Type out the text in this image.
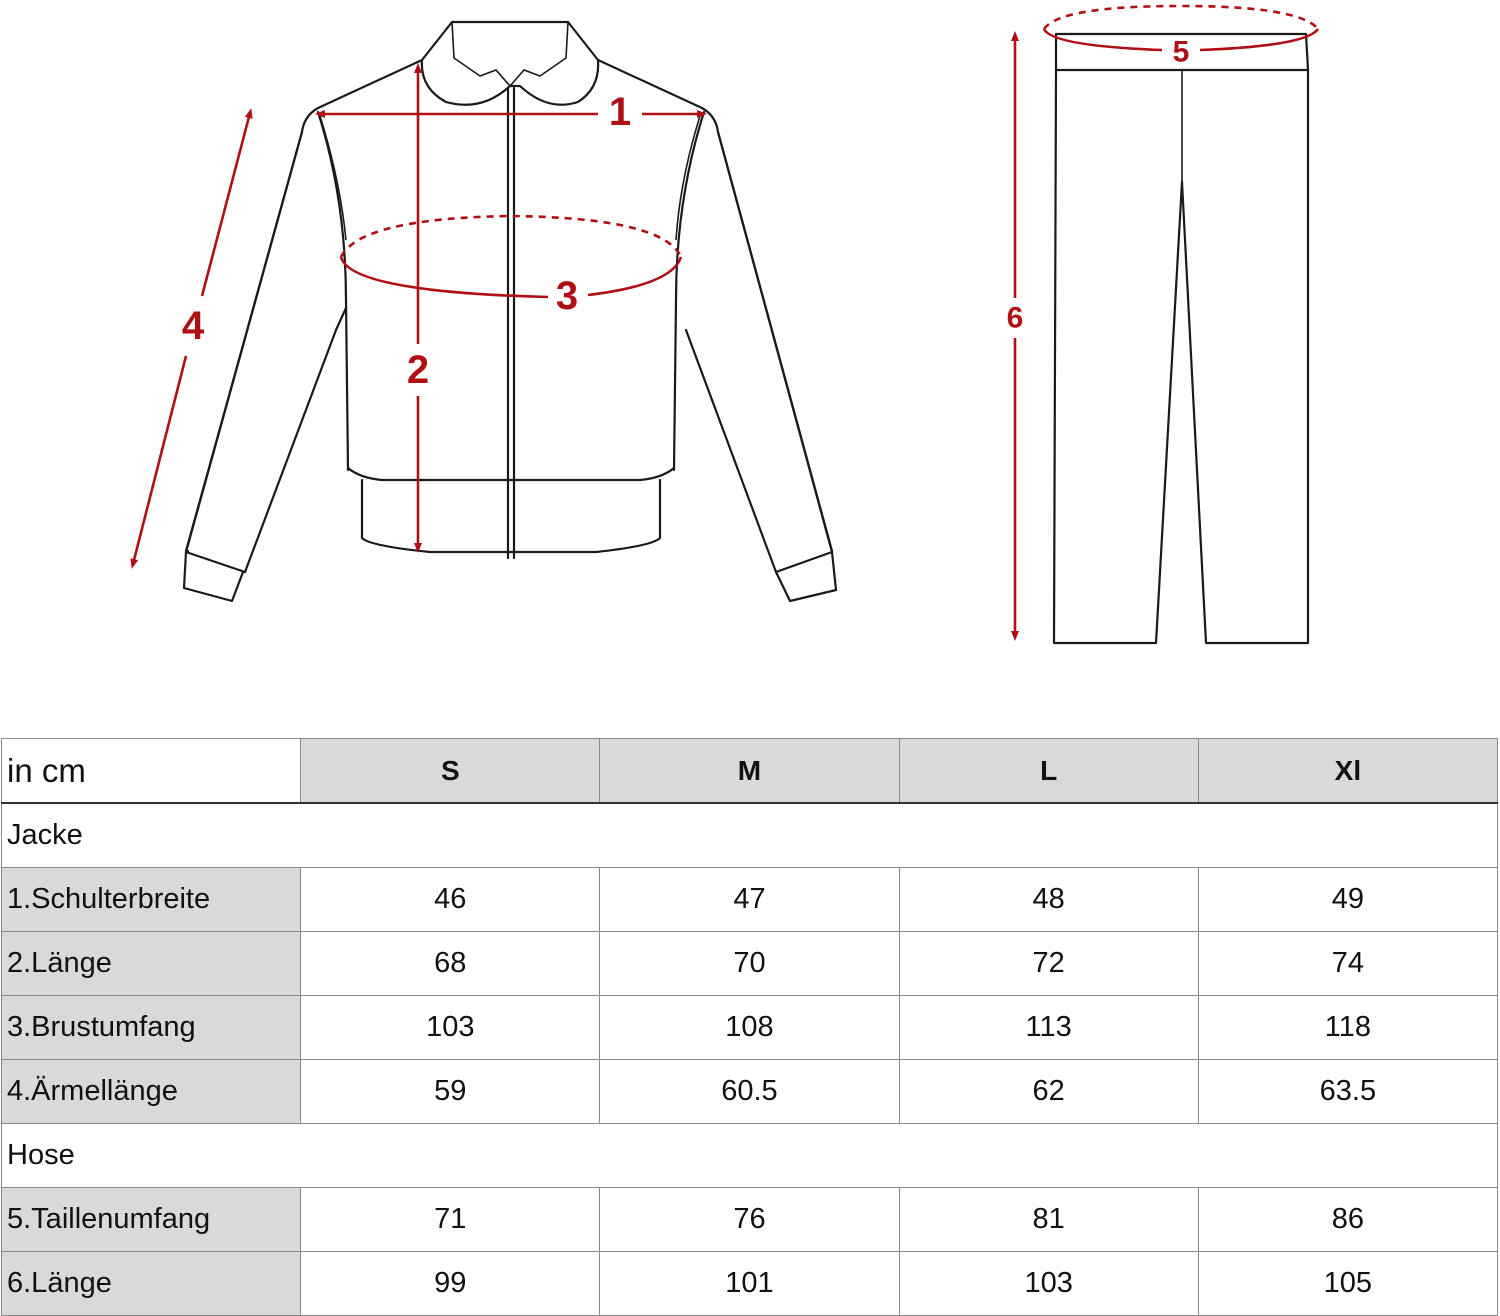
1
2
3
4
5
6
in cm	S	M	L	Xl
Jacke				
1.Schulterbreite	46	47	48	49
2.Länge	68	70	72	74
3.Brustumfang	103	108	113	118
4.Ärmellänge	59	60.5	62	63.5
Hose				
5.Taillenumfang	71	76	81	86
6.Länge	99	101	103	105
